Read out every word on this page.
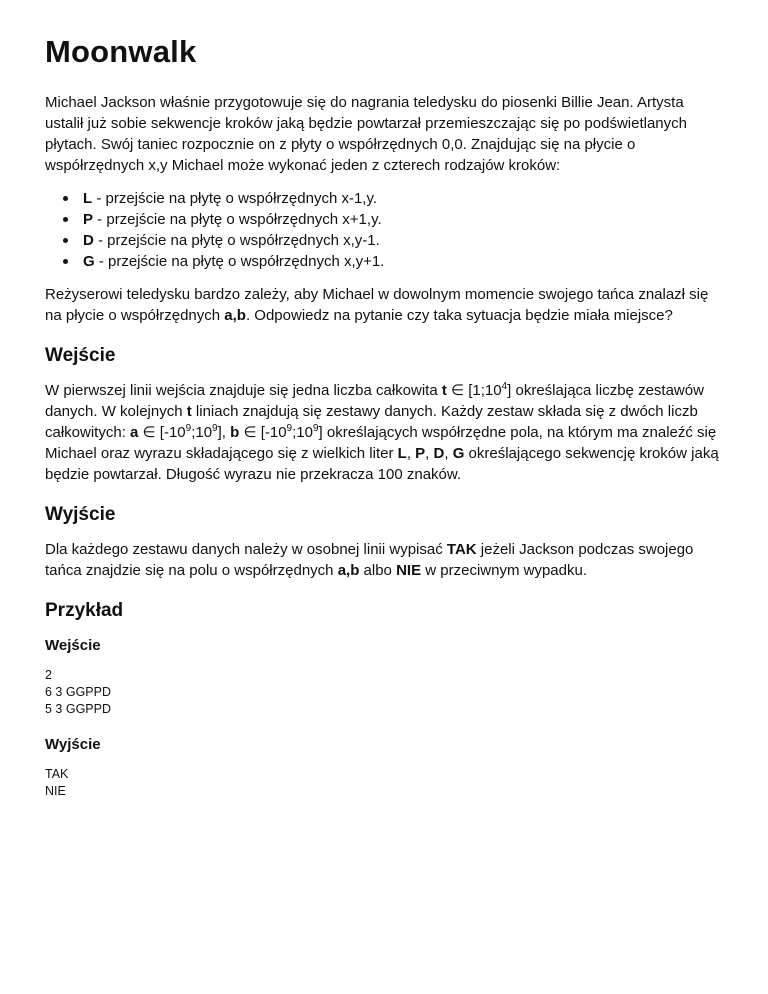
Moonwalk

Michael Jackson właśnie przygotowuje się do nagrania teledysku do piosenki Billie Jean. Artysta ustalił już sobie sekwencje kroków jaką będzie powtarzał przemieszczając się po podświetlanych płytach. Swój taniec rozpocznie on z płyty o współrzędnych 0,0. Znajdując się na płycie o współrzędnych x,y Michael może wykonać jeden z czterech rodzajów kroków:

L - przejście na płytę o współrzędnych x-1,y.
P - przejście na płytę o współrzędnych x+1,y.
D - przejście na płytę o współrzędnych x,y-1.
G - przejście na płytę o współrzędnych x,y+1.

Reżyserowi teledysku bardzo zależy, aby Michael w dowolnym momencie swojego tańca znalazł się na płycie o współrzędnych a,b. Odpowiedz na pytanie czy taka sytuacja będzie miała miejsce?

Wejście

W pierwszej linii wejścia znajduje się jedna liczba całkowita t ∈ $[1;10^4]$ określająca liczbę zestawów danych. W kolejnych t liniach znajdują się zestawy danych. Każdy zestaw składa się z dwóch liczb całkowitych: a ∈ $[-10^9;10^9]$, b ∈ $[-10^9;10^9]$ określających współrzędne pola, na którym ma znaleźć się Michael oraz wyrazu składającego się z wielkich liter L, P, D, G określającego sekwencję kroków jaką będzie powtarzał. Długość wyrazu nie przekracza 100 znaków.

Wyjście

Dla każdego zestawu danych należy w osobnej linii wypisać TAK jeżeli Jackson podczas swojego tańca znajdzie się na polu o współrzędnych a,b albo NIE w przeciwnym wypadku.

Przykład
Wejście
2
6 3 GGPPD
5 3 GGPPD
Wyjście
TAK
NIE
